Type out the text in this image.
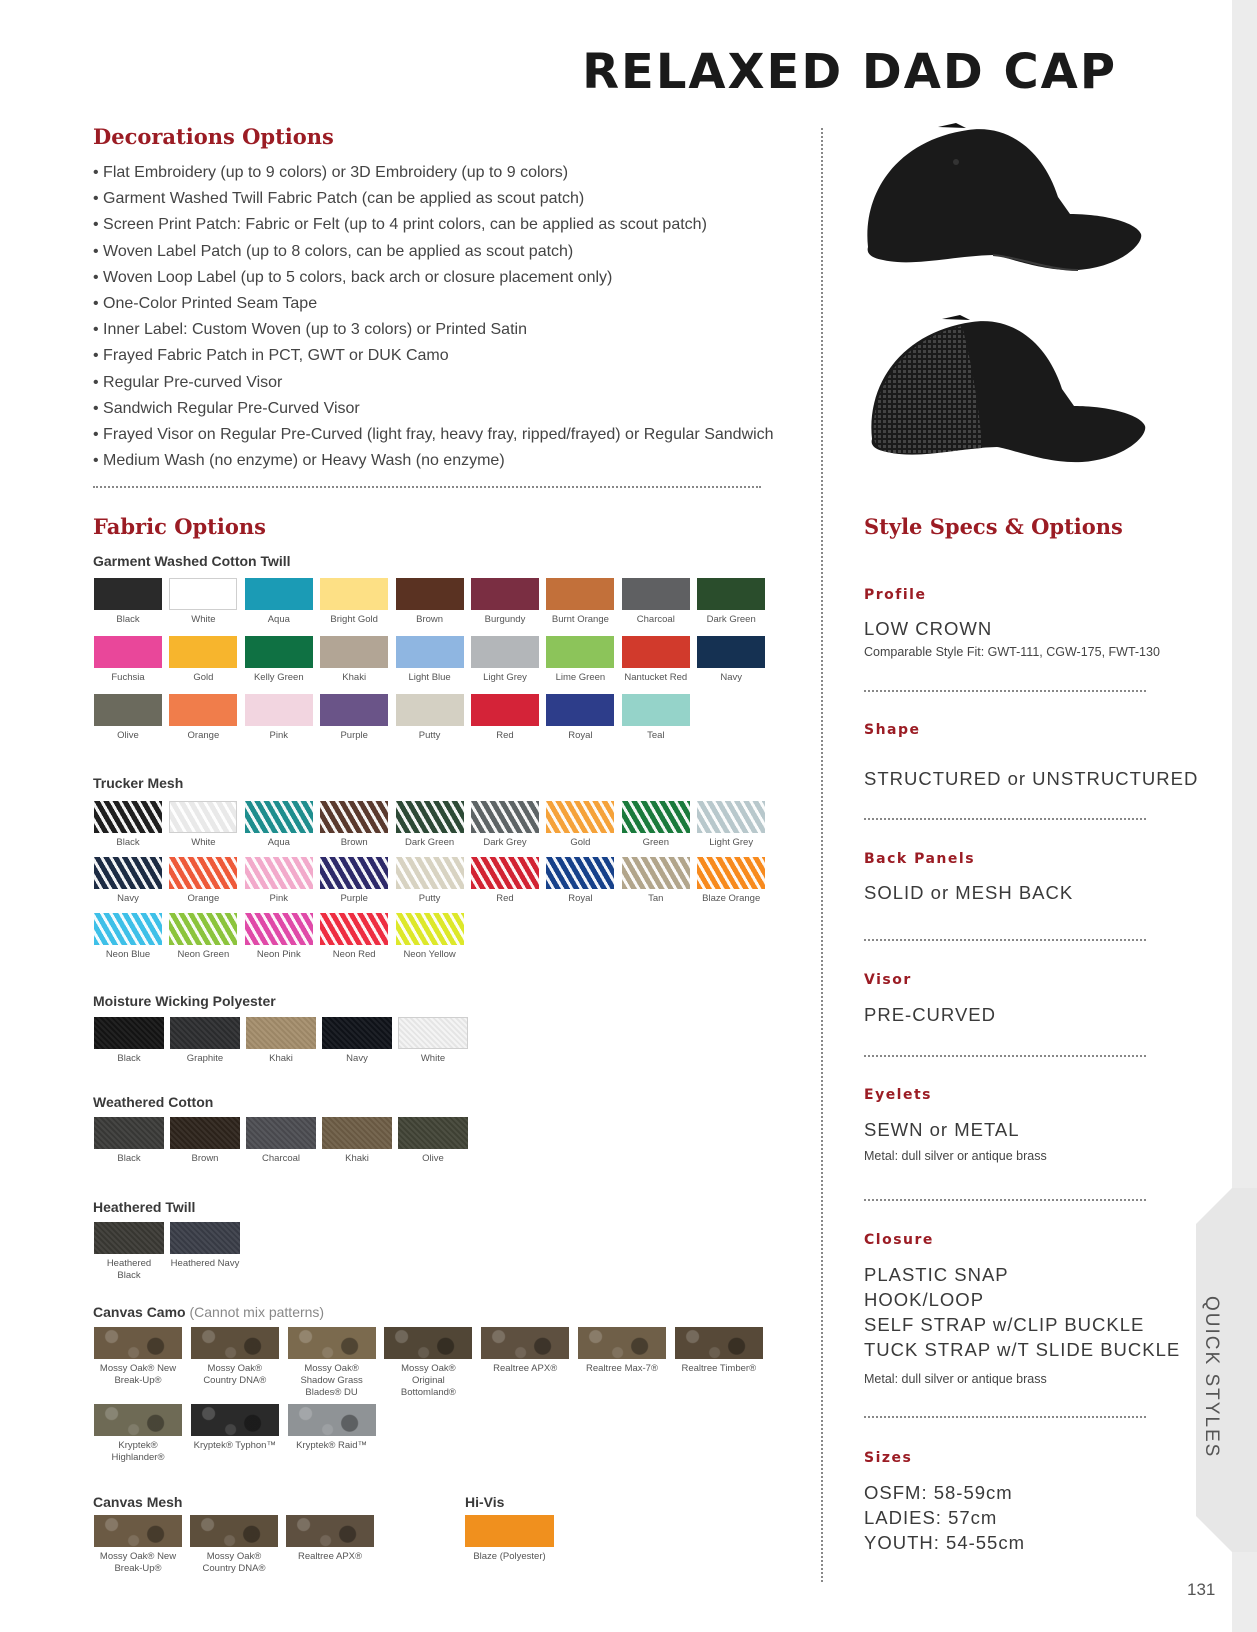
RELAXED DAD CAP
Decorations Options
• Flat Embroidery (up to 9 colors) or 3D Embroidery (up to 9 colors)
• Garment Washed Twill Fabric Patch (can be applied as scout patch)
• Screen Print Patch: Fabric or Felt (up to 4 print colors, can be applied as scout patch)
• Woven Label Patch (up to 8 colors, can be applied as scout patch)
• Woven Loop Label (up to 5 colors, back arch or closure placement only)
• One-Color Printed Seam Tape
• Inner Label: Custom Woven (up to 3 colors) or Printed Satin
• Frayed Fabric Patch in PCT, GWT or DUK Camo
• Regular Pre-curved Visor
• Sandwich Regular Pre-Curved Visor
• Frayed Visor on Regular Pre-Curved (light fray, heavy fray, ripped/frayed) or Regular Sandwich
• Medium Wash (no enzyme) or Heavy Wash (no enzyme)
Fabric Options
Garment Washed Cotton Twill
Black	White	Aqua	Bright Gold	Brown	Burgundy	Burnt Orange	Charcoal	Dark Green
Fuchsia	Gold	Kelly Green	Khaki	Light Blue	Light Grey	Lime Green	Nantucket Red	Navy
Olive	Orange	Pink	Purple	Putty	Red	Royal	Teal
Trucker Mesh
Black	White	Aqua	Brown	Dark Green	Dark Grey	Gold	Green	Light Grey
Navy	Orange	Pink	Purple	Putty	Red	Royal	Tan	Blaze Orange
Neon Blue	Neon Green	Neon Pink	Neon Red	Neon Yellow
Moisture Wicking Polyester
Black	Graphite	Khaki	Navy	White
Weathered Cotton
Black	Brown	Charcoal	Khaki	Olive
Heathered Twill
Heathered Black
Heathered Navy
Canvas Camo (Cannot mix patterns)
Mossy Oak® New Break-Up®
Mossy Oak® Country DNA®
Mossy Oak® Shadow Grass Blades® DU
Mossy Oak® Original Bottomland®
Realtree APX®	Realtree Max-7®	Realtree Timber®
Kryptek® Highlander®
Kryptek® Typhon™	Kryptek® Raid™
Canvas Mesh
Mossy Oak® New Break-Up®
Mossy Oak® Country DNA®
Realtree APX®
Hi-Vis
Blaze (Polyester)
Style Specs & Options
Profile
LOW CROWN
Comparable Style Fit: GWT-111, CGW-175, FWT-130
Shape
STRUCTURED or UNSTRUCTURED
Back Panels
SOLID or MESH BACK
Visor
PRE-CURVED
Eyelets
SEWN or METAL
Metal: dull silver or antique brass
Closure
PLASTIC SNAP
HOOK/LOOP
SELF STRAP w/CLIP BUCKLE
TUCK STRAP w/T SLIDE BUCKLE
Metal: dull silver or antique brass
Sizes
OSFM: 58-59cm
LADIES: 57cm
YOUTH: 54-55cm
QUICK STYLES
131
